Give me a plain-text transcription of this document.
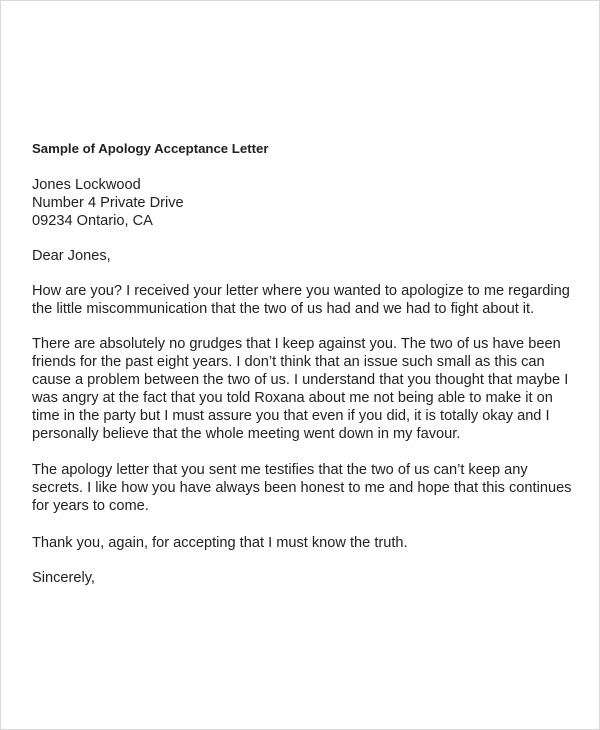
Sample of Apology Acceptance Letter
Jones Lockwood
Number 4 Private Drive
09234 Ontario, CA
Dear Jones,
How are you? I received your letter where you wanted to apologize to me regarding
the little miscommunication that the two of us had and we had to fight about it.
There are absolutely no grudges that I keep against you. The two of us have been
friends for the past eight years. I don’t think that an issue such small as this can
cause a problem between the two of us. I understand that you thought that maybe I
was angry at the fact that you told Roxana about me not being able to make it on
time in the party but I must assure you that even if you did, it is totally okay and I
personally believe that the whole meeting went down in my favour.
The apology letter that you sent me testifies that the two of us can’t keep any
secrets. I like how you have always been honest to me and hope that this continues
for years to come.
Thank you, again, for accepting that I must know the truth.
Sincerely,
